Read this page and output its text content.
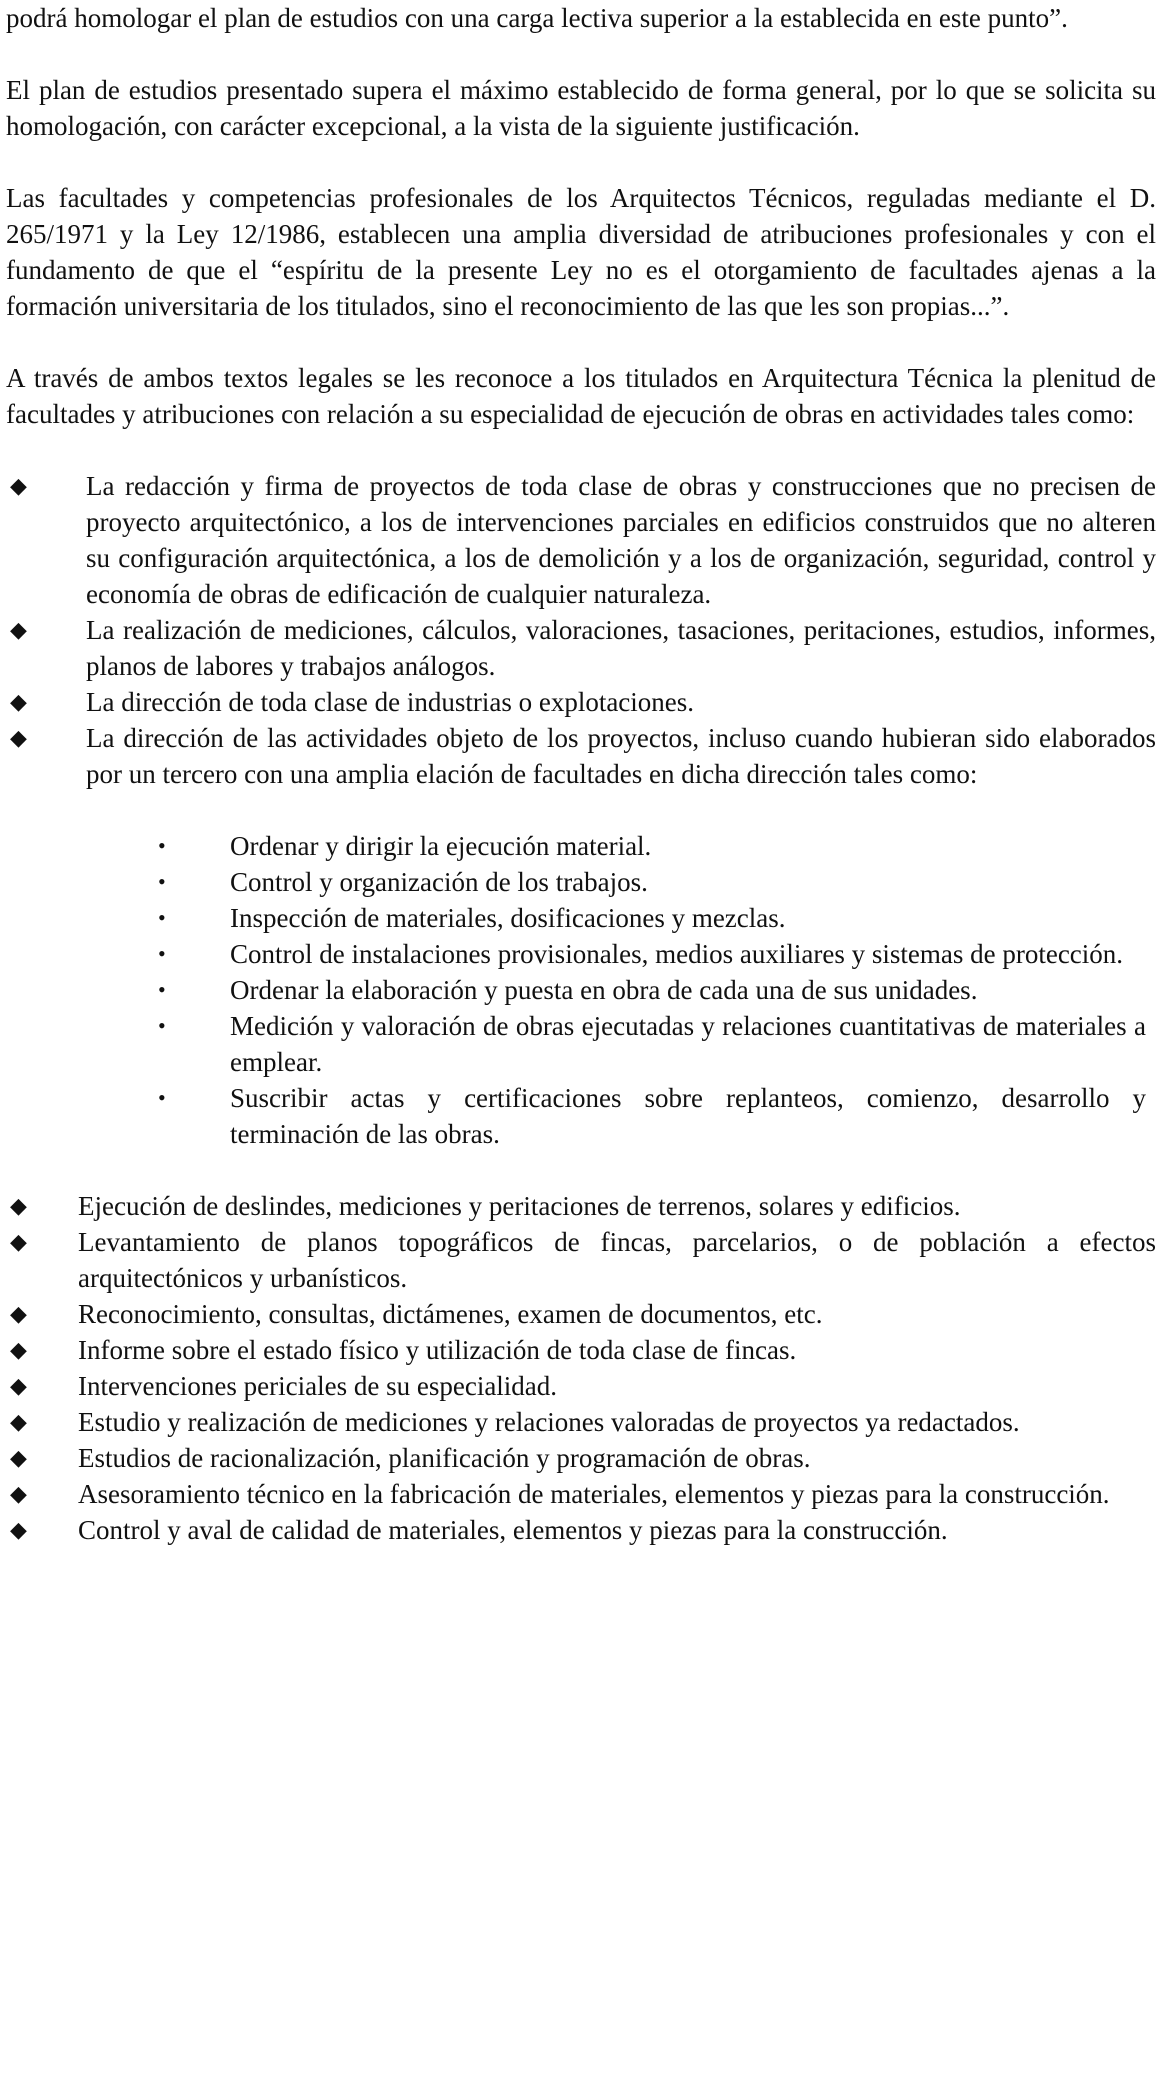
podrá homologar el plan de estudios con una carga lectiva superior a la establecida en este punto”.

El plan de estudios presentado supera el máximo establecido de forma general, por lo que se solicita su homologación, con carácter excepcional, a la vista de la siguiente justificación.

Las facultades y competencias profesionales de los Arquitectos Técnicos, reguladas mediante el D. 265/1971 y la Ley 12/1986, establecen una amplia diversidad de atribuciones profesionales y con el fundamento de que el “espíritu de la presente Ley no es el otorgamiento de facultades ajenas a la formación universitaria de los titulados, sino el reconocimiento de las que les son propias...”.

A través de ambos textos legales se les reconoce a los titulados en Arquitectura Técnica la plenitud de facultades y atribuciones con relación a su especialidad de ejecución de obras en actividades tales como:

◆ La redacción y firma de proyectos de toda clase de obras y construcciones que no precisen de proyecto arquitectónico, a los de intervenciones parciales en edificios construidos que no alteren su configuración arquitectónica, a los de demolición y a los de organización, seguridad, control y economía de obras de edificación de cualquier naturaleza.
◆ La realización de mediciones, cálculos, valoraciones, tasaciones, peritaciones, estudios, informes, planos de labores y trabajos análogos.
◆ La dirección de toda clase de industrias o explotaciones.
◆ La dirección de las actividades objeto de los proyectos, incluso cuando hubieran sido elaborados por un tercero con una amplia elación de facultades en dicha dirección tales como:
• Ordenar y dirigir la ejecución material.
• Control y organización de los trabajos.
• Inspección de materiales, dosificaciones y mezclas.
• Control de instalaciones provisionales, medios auxiliares y sistemas de protección.
• Ordenar la elaboración y puesta en obra de cada una de sus unidades.
• Medición y valoración de obras ejecutadas y relaciones cuantitativas de materiales a emplear.
• Suscribir actas y certificaciones sobre replanteos, comienzo, desarrollo y terminación de las obras.
◆ Ejecución de deslindes, mediciones y peritaciones de terrenos, solares y edificios.
◆ Levantamiento de planos topográficos de fincas, parcelarios, o de población a efectos arquitectónicos y urbanísticos.
◆ Reconocimiento, consultas, dictámenes, examen de documentos, etc.
◆ Informe sobre el estado físico y utilización de toda clase de fincas.
◆ Intervenciones periciales de su especialidad.
◆ Estudio y realización de mediciones y relaciones valoradas de proyectos ya redactados.
◆ Estudios de racionalización, planificación y programación de obras.
◆ Asesoramiento técnico en la fabricación de materiales, elementos y piezas para la construcción.
◆ Control y aval de calidad de materiales, elementos y piezas para la construcción.
